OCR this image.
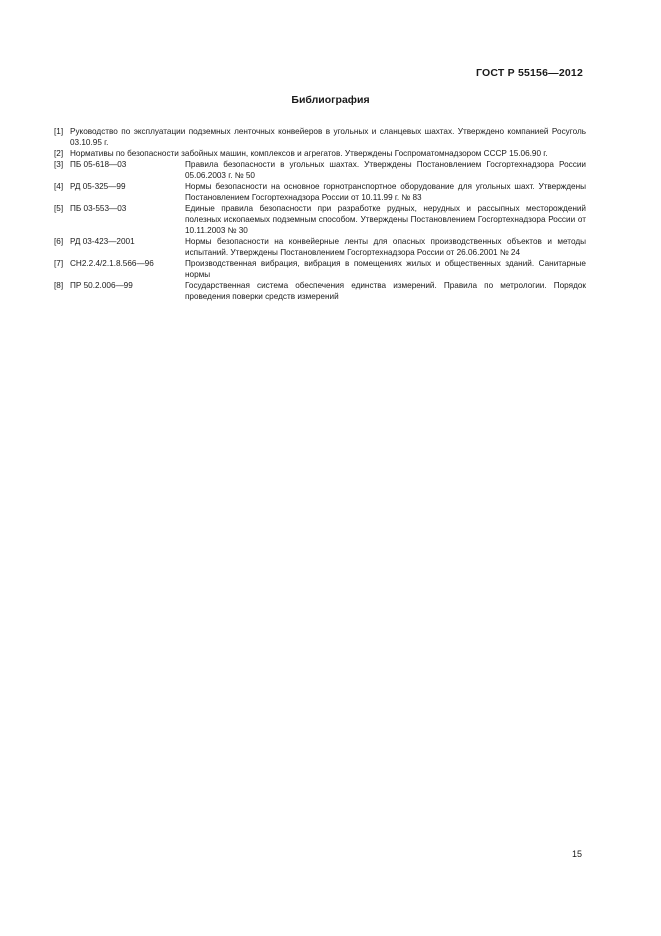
ГОСТ Р 55156—2012
Библиография
[1] Руководство по эксплуатации подземных ленточных конвейеров в угольных и сланцевых шахтах. Утверждено компанией Росуголь 03.10.95 г.
[2] Нормативы по безопасности забойных машин, комплексов и агрегатов. Утверждены Госпроматомнадзором СССР 15.06.90 г.
[3] ПБ 05-618—03	Правила безопасности в угольных шахтах. Утверждены Постановлением Госгортехнадзора России 05.06.2003 г. № 50
[4] РД 05-325—99	Нормы безопасности на основное горнотранспортное оборудование для угольных шахт. Утверждены Постановлением Госгортехнадзора России от 10.11.99 г. № 83
[5] ПБ 03-553—03	Единые правила безопасности при разработке рудных, нерудных и рассыпных месторождений полезных ископаемых подземным способом. Утверждены Постановлением Госгортехнадзора России от 10.11.2003 № 30
[6] РД 03-423—2001	Нормы безопасности на конвейерные ленты для опасных производственных объектов и методы испытаний. Утверждены Постановлением Госгортехнадзора России от 26.06.2001 № 24
[7] СН2.2.4/2.1.8.566—96	Производственная вибрация, вибрация в помещениях жилых и общественных зданий. Санитарные нормы
[8] ПР 50.2.006—99	Государственная система обеспечения единства измерений. Правила по метрологии. Порядок проведения поверки средств измерений
15
